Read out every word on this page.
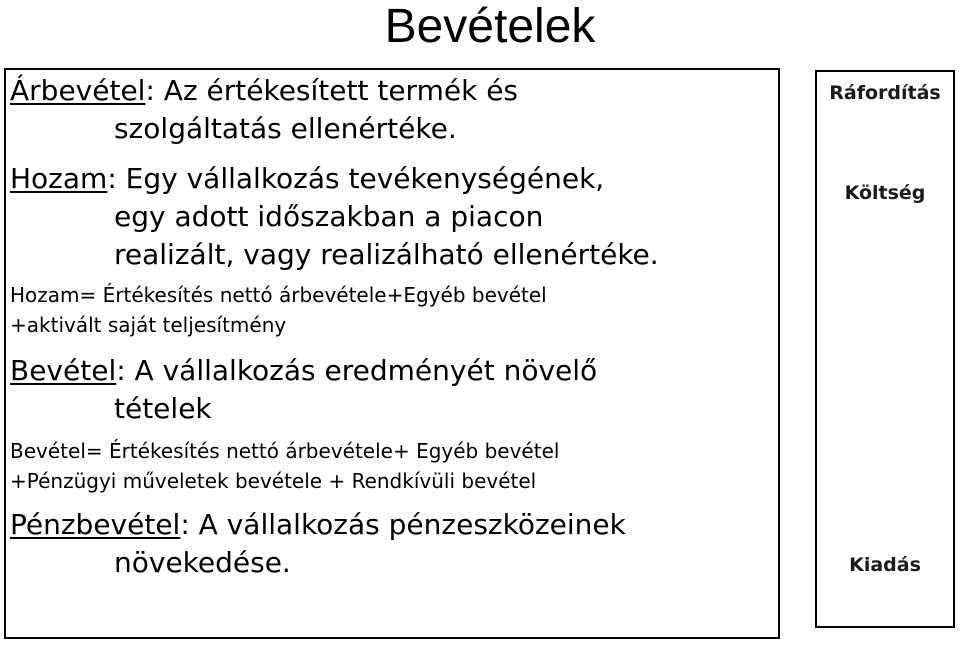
Bevételek

Árbevétel: Az értékesített termék és
szolgáltatás ellenértéke.

Hozam: Egy vállalkozás tevékenységének,
egy adott időszakban a piacon
realizált, vagy realizálható ellenértéke.

Hozam= Értékesítés nettó árbevétele+Egyéb bevétel
+aktivált saját teljesítmény

Bevétel: A vállalkozás eredményét növelő
tételek

Bevétel= Értékesítés nettó árbevétele+ Egyéb bevétel
+Pénzügyi műveletek bevétele + Rendkívüli bevétel

Pénzbevétel: A vállalkozás pénzeszközeinek
növekedése.

Ráfordítás
Költség
Kiadás
